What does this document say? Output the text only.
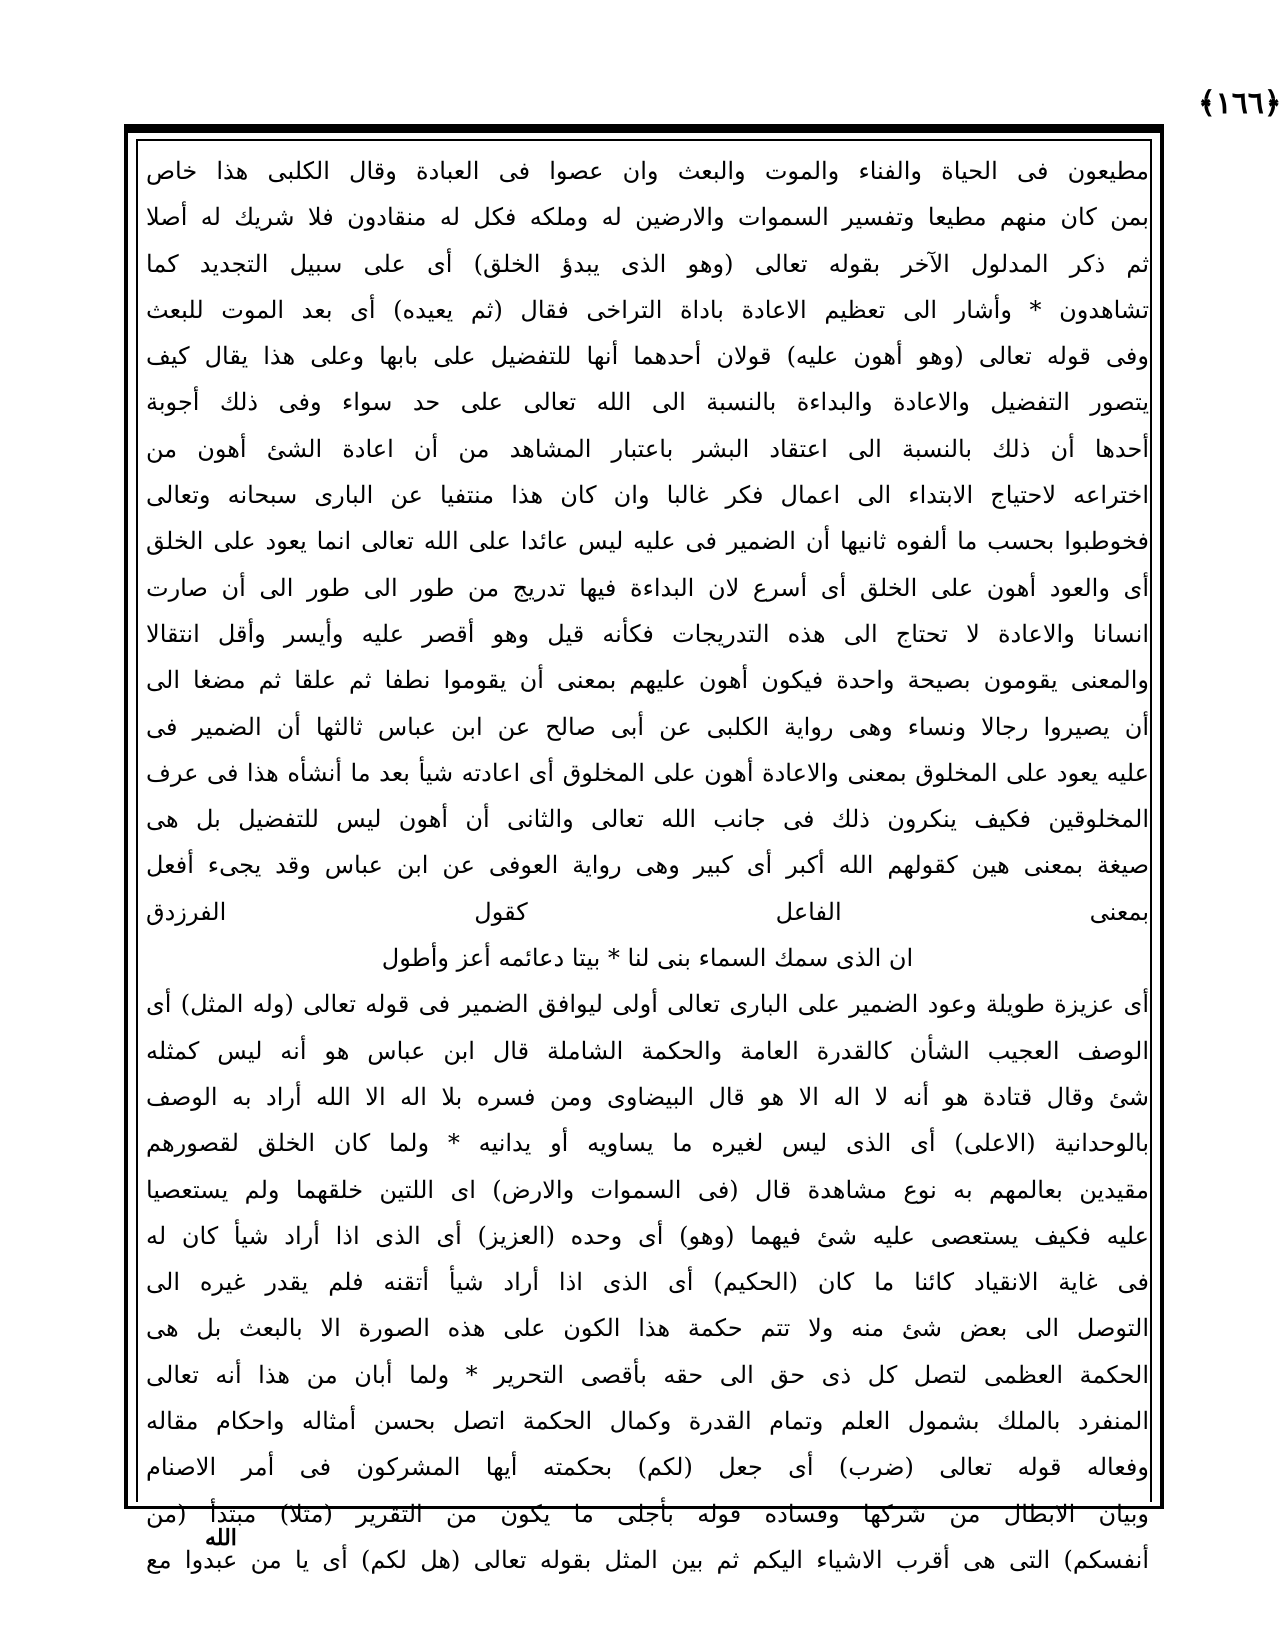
﴿١٦٦﴾
مطيعون فى الحياة والفناء والموت والبعث وان عصوا فى العبادة وقال الكلبى هذا خاص
بمن كان منهم مطيعا وتفسير السموات والارضين له وملكه فكل له منقادون فلا شريك له أصلا
ثم ذكر المدلول الآخر بقوله تعالى (وهو الذى يبدؤ الخلق) أى على سبيل التجديد كما
تشاهدون * وأشار الى تعظيم الاعادة باداة التراخى فقال (ثم يعيده) أى بعد الموت للبعث
وفى قوله تعالى (وهو أهون عليه) قولان أحدهما أنها للتفضيل على بابها وعلى هذا يقال كيف
يتصور التفضيل والاعادة والبداءة بالنسبة الى الله تعالى على حد سواء وفى ذلك أجوبة
أحدها أن ذلك بالنسبة الى اعتقاد البشر باعتبار المشاهد من أن اعادة الشئ أهون من
اختراعه لاحتياج الابتداء الى اعمال فكر غالبا وان كان هذا منتفيا عن البارى سبحانه وتعالى
فخوطبوا بحسب ما ألفوه ثانيها أن الضمير فى عليه ليس عائدا على الله تعالى انما يعود على الخلق
أى والعود أهون على الخلق أى أسرع لان البداءة فيها تدريج من طور الى طور الى أن صارت
انسانا والاعادة لا تحتاج الى هذه التدريجات فكأنه قيل وهو أقصر عليه وأيسر وأقل انتقالا
والمعنى يقومون بصيحة واحدة فيكون أهون عليهم بمعنى أن يقوموا نطفا ثم علقا ثم مضغا الى
أن يصيروا رجالا ونساء وهى رواية الكلبى عن أبى صالح عن ابن عباس ثالثها أن الضمير فى
عليه يعود على المخلوق بمعنى والاعادة أهون على المخلوق أى اعادته شيأ بعد ما أنشأه هذا فى عرف
المخلوقين فكيف ينكرون ذلك فى جانب الله تعالى والثانى أن أهون ليس للتفضيل بل هى
صيغة بمعنى هين كقولهم الله أكبر أى كبير وهى رواية العوفى عن ابن عباس وقد يجىء أفعل
بمعنى الفاعل كقول الفرزدق
ان الذى سمك السماء بنى لنا * بيتا دعائمه أعز وأطول
أى عزيزة طويلة وعود الضمير على البارى تعالى أولى ليوافق الضمير فى قوله تعالى (وله المثل) أى
الوصف العجيب الشأن كالقدرة العامة والحكمة الشاملة قال ابن عباس هو أنه ليس كمثله
شئ وقال قتادة هو أنه لا اله الا هو قال البيضاوى ومن فسره بلا اله الا الله أراد به الوصف
بالوحدانية (الاعلى) أى الذى ليس لغيره ما يساويه أو يدانيه * ولما كان الخلق لقصورهم
مقيدين بعالمهم به نوع مشاهدة قال (فى السموات والارض) اى اللتين خلقهما ولم يستعصيا
عليه فكيف يستعصى عليه شئ فيهما (وهو) أى وحده (العزيز) أى الذى اذا أراد شيأ كان له
فى غاية الانقياد كائنا ما كان (الحكيم) أى الذى اذا أراد شيأ أتقنه فلم يقدر غيره الى
التوصل الى بعض شئ منه ولا تتم حكمة هذا الكون على هذه الصورة الا بالبعث بل هى
الحكمة العظمى لتصل كل ذى حق الى حقه بأقصى التحرير * ولما أبان من هذا أنه تعالى
المنفرد بالملك بشمول العلم وتمام القدرة وكمال الحكمة اتصل بحسن أمثاله واحكام مقاله
وفعاله قوله تعالى (ضرب) أى جعل (لكم) بحكمته أيها المشركون فى أمر الاصنام
وبيان الابطال من شركها وفساده قوله بأجلى ما يكون من التقرير (مثلا) مبتدأ (من
أنفسكم) التى هى أقرب الاشياء اليكم ثم بين المثل بقوله تعالى (هل لكم) أى يا من عبدوا مع
الله
